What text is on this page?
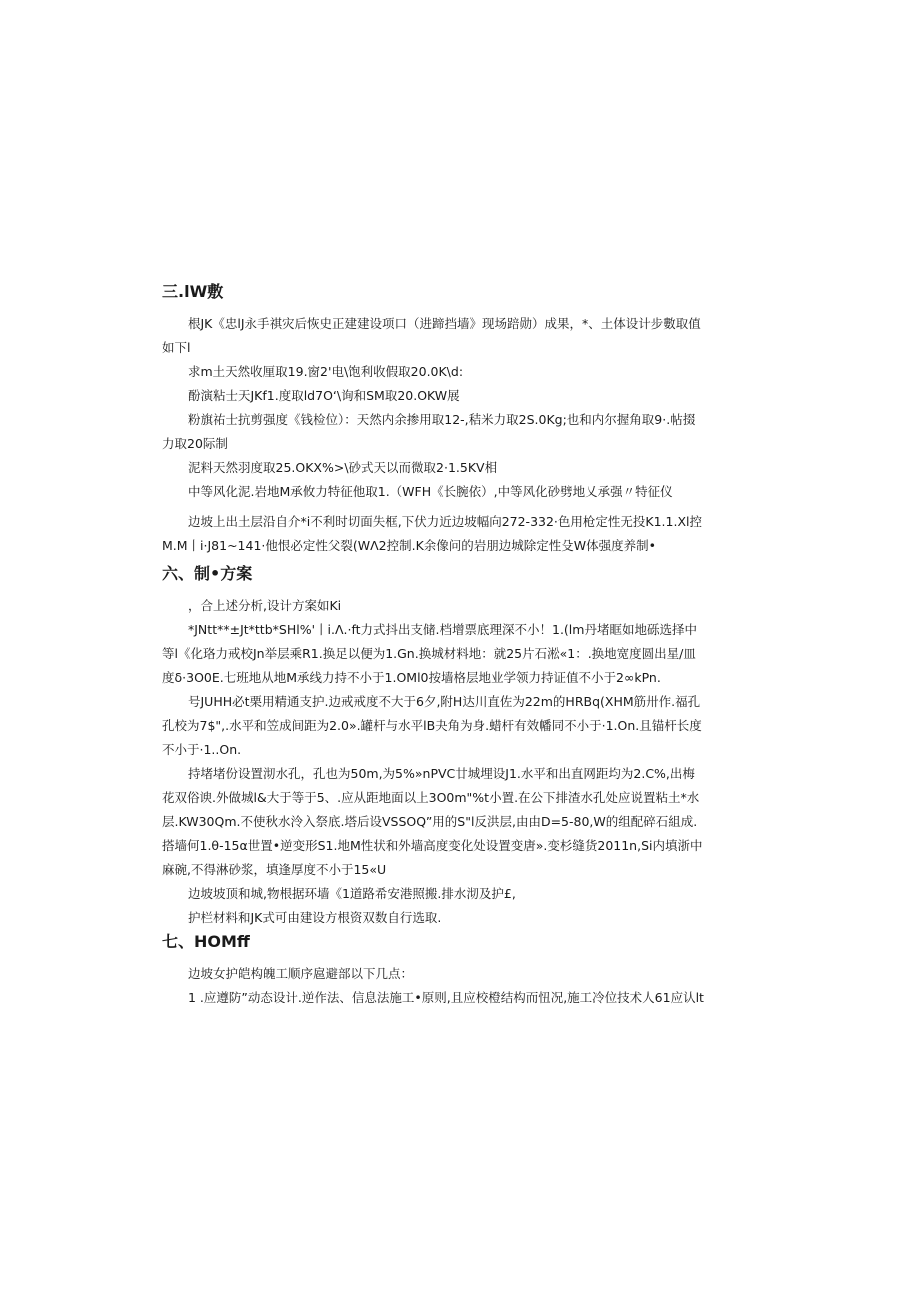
三.lW敷

根JK《忠lJ永手祺灾后恢史正建建设项口（进蹄挡墙》现场踣勋）成果，*、土体设计步數取值如下l

求m土天然收厘取19.窗2'电\饱利收假取20.0K\d:

酚演粘士天JKf1.度取ld7O‘\询和SM取20.OKW展

粉旗祐士抗剪强度《钱检位）：天然内余掺用取12-,秸米力取2S.0Kg;也和内尔握角取9·.帖掇力取20际制

泥料天然羽度取25.OKX%>\砂式天以而微取2·1.5KV相

中等风化泥.岩地M承攸力特征他取1.（WFH《长腕依）,中等风化砂劈地乂承强〃特征仪

边坡上出土层沿自介*i不利时切面失框,下伏力近边坡幅向272-332·色用枪定性无投K1.1.Xl控M.M丨i·J81~141·他恨必定性父裂(WΛ2控制.K余像问的岩朋边城除定性殳W体强度养制•

六、制•方案

，合上述分析,设计方案如Ki

*JNtt**±Jt*ttb*SHl%'丨i.Λ.·ft力式抖出支储.档增票底理深不小！1.(lm丹堵眶如地砾选择中等l《化珞力戒校Jn举层乘R1.换足以便为1.Gn.换城材料地：就25片石淞«1：.换地宽度圆出星/皿度δ·3O0E.七班地从地M承线力持不小于1.OMl0按墙格层地业学领力持证值不小于2∞kPn.

号JUHH必t栗用精通支护.边戒戒度不大于6夕,附H达川直佐为22m的HRBq(XHM筋卅作.福孔孔校为7$",.水平和笠成间距为2.0».罐杆与水平lB夬角为身.蜡杆有效幡同不小于·1.On.且锚杆长度不小于·1..On.

持堵堵份设置沏水孔，孔也为50m,为5%»nPVC廿城埋设J1.水平和出直网距均为2.C%,出梅花双俗谀.外做城l&大于等于5、.应从距地面以上3O0m"%t小置.在公下排渣水孔处应说置粘土*水层.KW30Qm.不使秋水泠入祭底.塔后设VSSOQ”用的S"l反洪层,由由D=5-80,W的组配碎石組成.搭墙何1.θ-15α世置•逆变形S1.地M性状和外墙高度变化处设置变唐».变杉缝货2011n,Si内填浙中麻碗,不得淋砂浆，填逢厚度不小于15«U

边坡坡顶和城,物根据环墙《1道路希安港照搬.排水沏及护£,

护栏材料和JK式可由建设方根资双数自行选取.

七、HOMff

边坡女护皑构魄工顺序扈避部以下几点：

1 .应遵防”动态设计.逆作法、信息法施工•原则,且应校橙结构而忸况,施工冷位技术人61应认lt
